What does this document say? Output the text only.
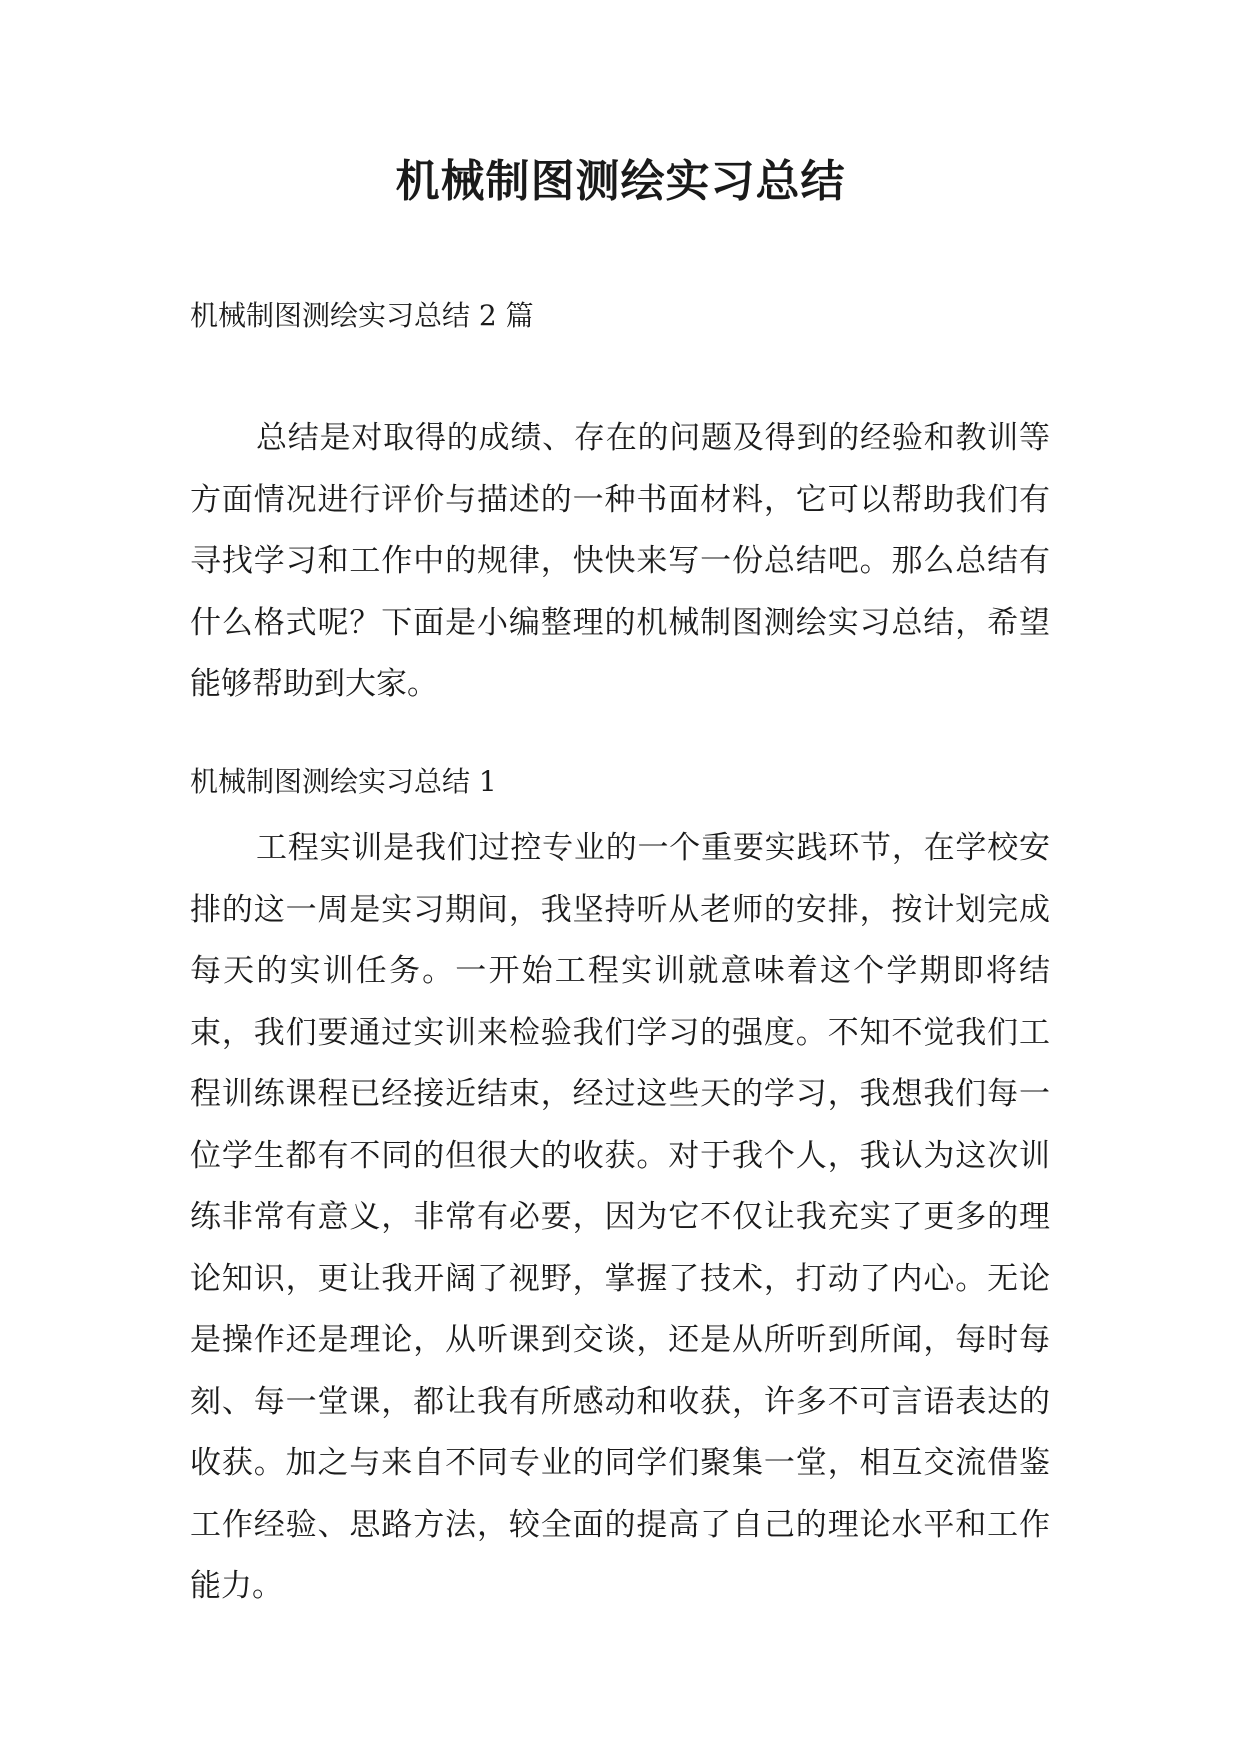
机械制图测绘实习总结

机械制图测绘实习总结 2 篇

总结是对取得的成绩、存在的问题及得到的经验和教训等方面情况进行评价与描述的一种书面材料，它可以帮助我们有寻找学习和工作中的规律，快快来写一份总结吧。那么总结有什么格式呢？下面是小编整理的机械制图测绘实习总结，希望能够帮助到大家。

机械制图测绘实习总结 1

工程实训是我们过控专业的一个重要实践环节，在学校安排的这一周是实习期间，我坚持听从老师的安排，按计划完成每天的实训任务。一开始工程实训就意味着这个学期即将结束，我们要通过实训来检验我们学习的强度。不知不觉我们工程训练课程已经接近结束，经过这些天的学习，我想我们每一位学生都有不同的但很大的收获。对于我个人，我认为这次训练非常有意义，非常有必要，因为它不仅让我充实了更多的理论知识，更让我开阔了视野，掌握了技术，打动了内心。无论是操作还是理论，从听课到交谈，还是从所听到所闻，每时每刻、每一堂课，都让我有所感动和收获，许多不可言语表达的收获。加之与来自不同专业的同学们聚集一堂，相互交流借鉴工作经验、思路方法，较全面的提高了自己的理论水平和工作能力。
